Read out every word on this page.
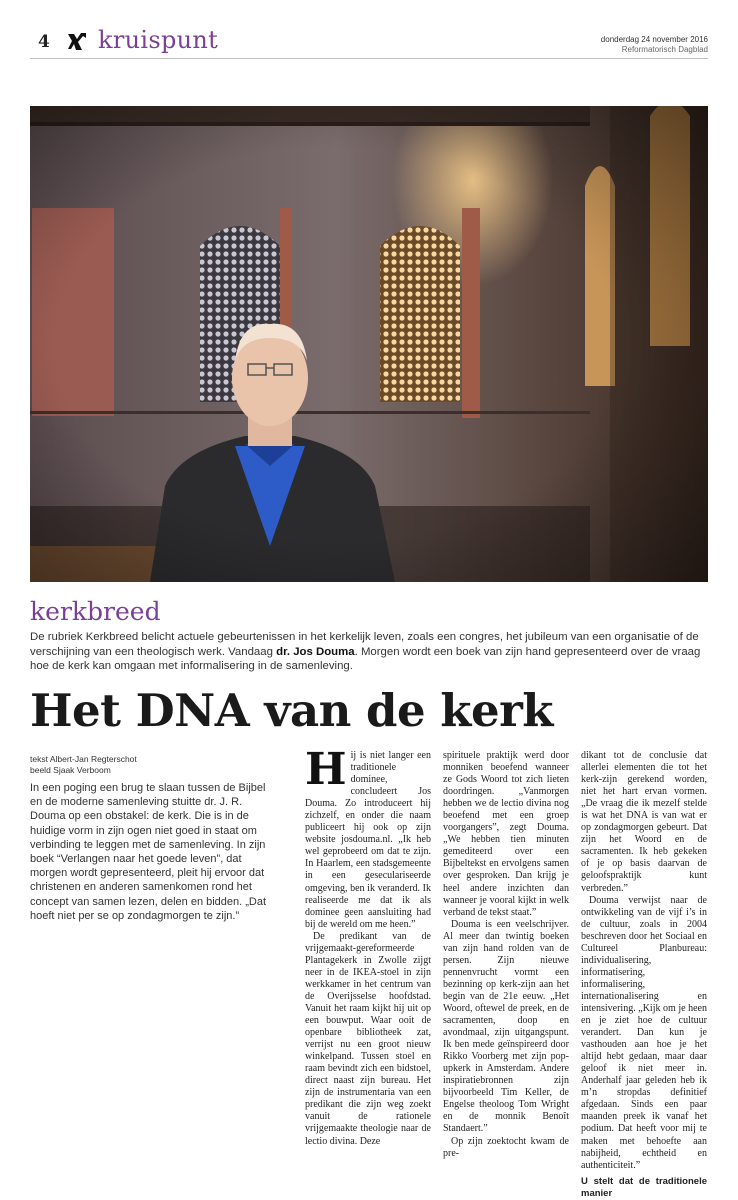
4 kruispunt	donderdag 24 november 2016
Reformatorisch Dagblad
kerkbreed
De rubriek Kerkbreed belicht actuele gebeurtenissen in het kerkelijk leven, zoals een congres, het jubileum van een organisatie of de verschijning van een theologisch werk. Vandaag dr. Jos Douma. Morgen wordt een boek van zijn hand gepresenteerd over de vraag hoe de kerk kan omgaan met informalisering in de samenleving.
Het DNA van de kerk
tekst Albert-Jan Regterschot
beeld Sjaak Verboom
In een poging een brug te slaan tussen de Bijbel en de moderne samenleving stuitte dr. J. R. Douma op een obstakel: de kerk. Die is in de huidige vorm in zijn ogen niet goed in staat om verbinding te leggen met de samenleving. In zijn boek “Verlangen naar het goede leven”, dat morgen wordt gepresenteerd, pleit hij ervoor dat christenen en anderen samenkomen rond het concept van samen lezen, delen en bidden. „Dat hoeft niet per se op zondagmorgen te zijn.”

Hij is niet langer een traditionele dominee, concludeert Jos Douma. Zo introduceert hij zichzelf, en onder die naam publiceert hij ook op zijn website josdouma.nl. „Ik heb wel geprobeerd om dat te zijn. In Haarlem, een stadsgemeente in een geseculariseerde omgeving, ben ik veranderd. Ik realiseerde me dat ik als dominee geen aansluiting had bij de wereld om me heen.”

De predikant van de vrijgemaakt-gereformeerde Plantagekerk in Zwolle zijgt neer in de IKEA-stoel in zijn werkkamer in het centrum van de Overijsselse hoofdstad. Vanuit het raam kijkt hij uit op een bouwput. Waar ooit de openbare bibliotheek zat, verrijst nu een groot nieuw winkelpand. Tussen stoel en raam bevindt zich een bidstoel, direct naast zijn bureau. Het zijn de instrumentaria van een predikant die zijn weg zoekt vanuit de rationele vrijgemaakte theologie naar de lectio divina. Deze

spirituele praktijk werd door monniken beoefend wanneer ze Gods Woord tot zich lieten doordringen. „Vanmorgen hebben we de lectio divina nog beoefend met een groep voorgangers”, zegt Douma. „We hebben tien minuten gemediteerd over een Bijbeltekst en ervolgens samen over gesproken. Dan krijg je heel andere inzichten dan wanneer je vooral kijkt in welk verband de tekst staat.”

Douma is een veelschrijver. Al meer dan twintig boeken van zijn hand rolden van de persen. Zijn nieuwe pennenvrucht vormt een bezinning op kerk-zijn aan het begin van de 21e eeuw. „Het Woord, oftewel de preek, en de sacramenten, doop en avondmaal, zijn uitgangspunt. Ik ben mede geïnspireerd door Rikko Voorberg met zijn pop-upkerk in Amsterdam. Andere inspiratiebronnen zijn bijvoorbeeld Tim Keller, de Engelse theoloog Tom Wright en de monnik Benoît Standaert.”

Op zijn zoektocht kwam de pre-

dikant tot de conclusie dat allerlei elementen die tot het kerk-zijn gerekend worden, niet het hart ervan vormen. „De vraag die ik mezelf stelde is wat het DNA is van wat er op zondagmorgen gebeurt. Dat zijn het Woord en de sacramenten. Ik heb gekeken of je op basis daarvan de geloofspraktijk kunt verbreden.”

Douma verwijst naar de ontwikkeling van de vijf i’s in de cultuur, zoals in 2004 beschreven door het Sociaal en Cultureel Planbureau: individualisering, informatisering, informalisering, internationalisering en intensivering. „Kijk om je heen en je ziet hoe de cultuur verandert. Dan kun je vasthouden aan hoe je het altijd hebt gedaan, maar daar geloof ik niet meer in. Anderhalf jaar geleden heb ik m’n stropdas definitief afgedaan. Sinds een paar maanden preek ik vanaf het podium. Dat heeft voor mij te maken met behoefte aan nabijheid, echtheid en authenticiteit.”

U stelt dat de traditionele manier
